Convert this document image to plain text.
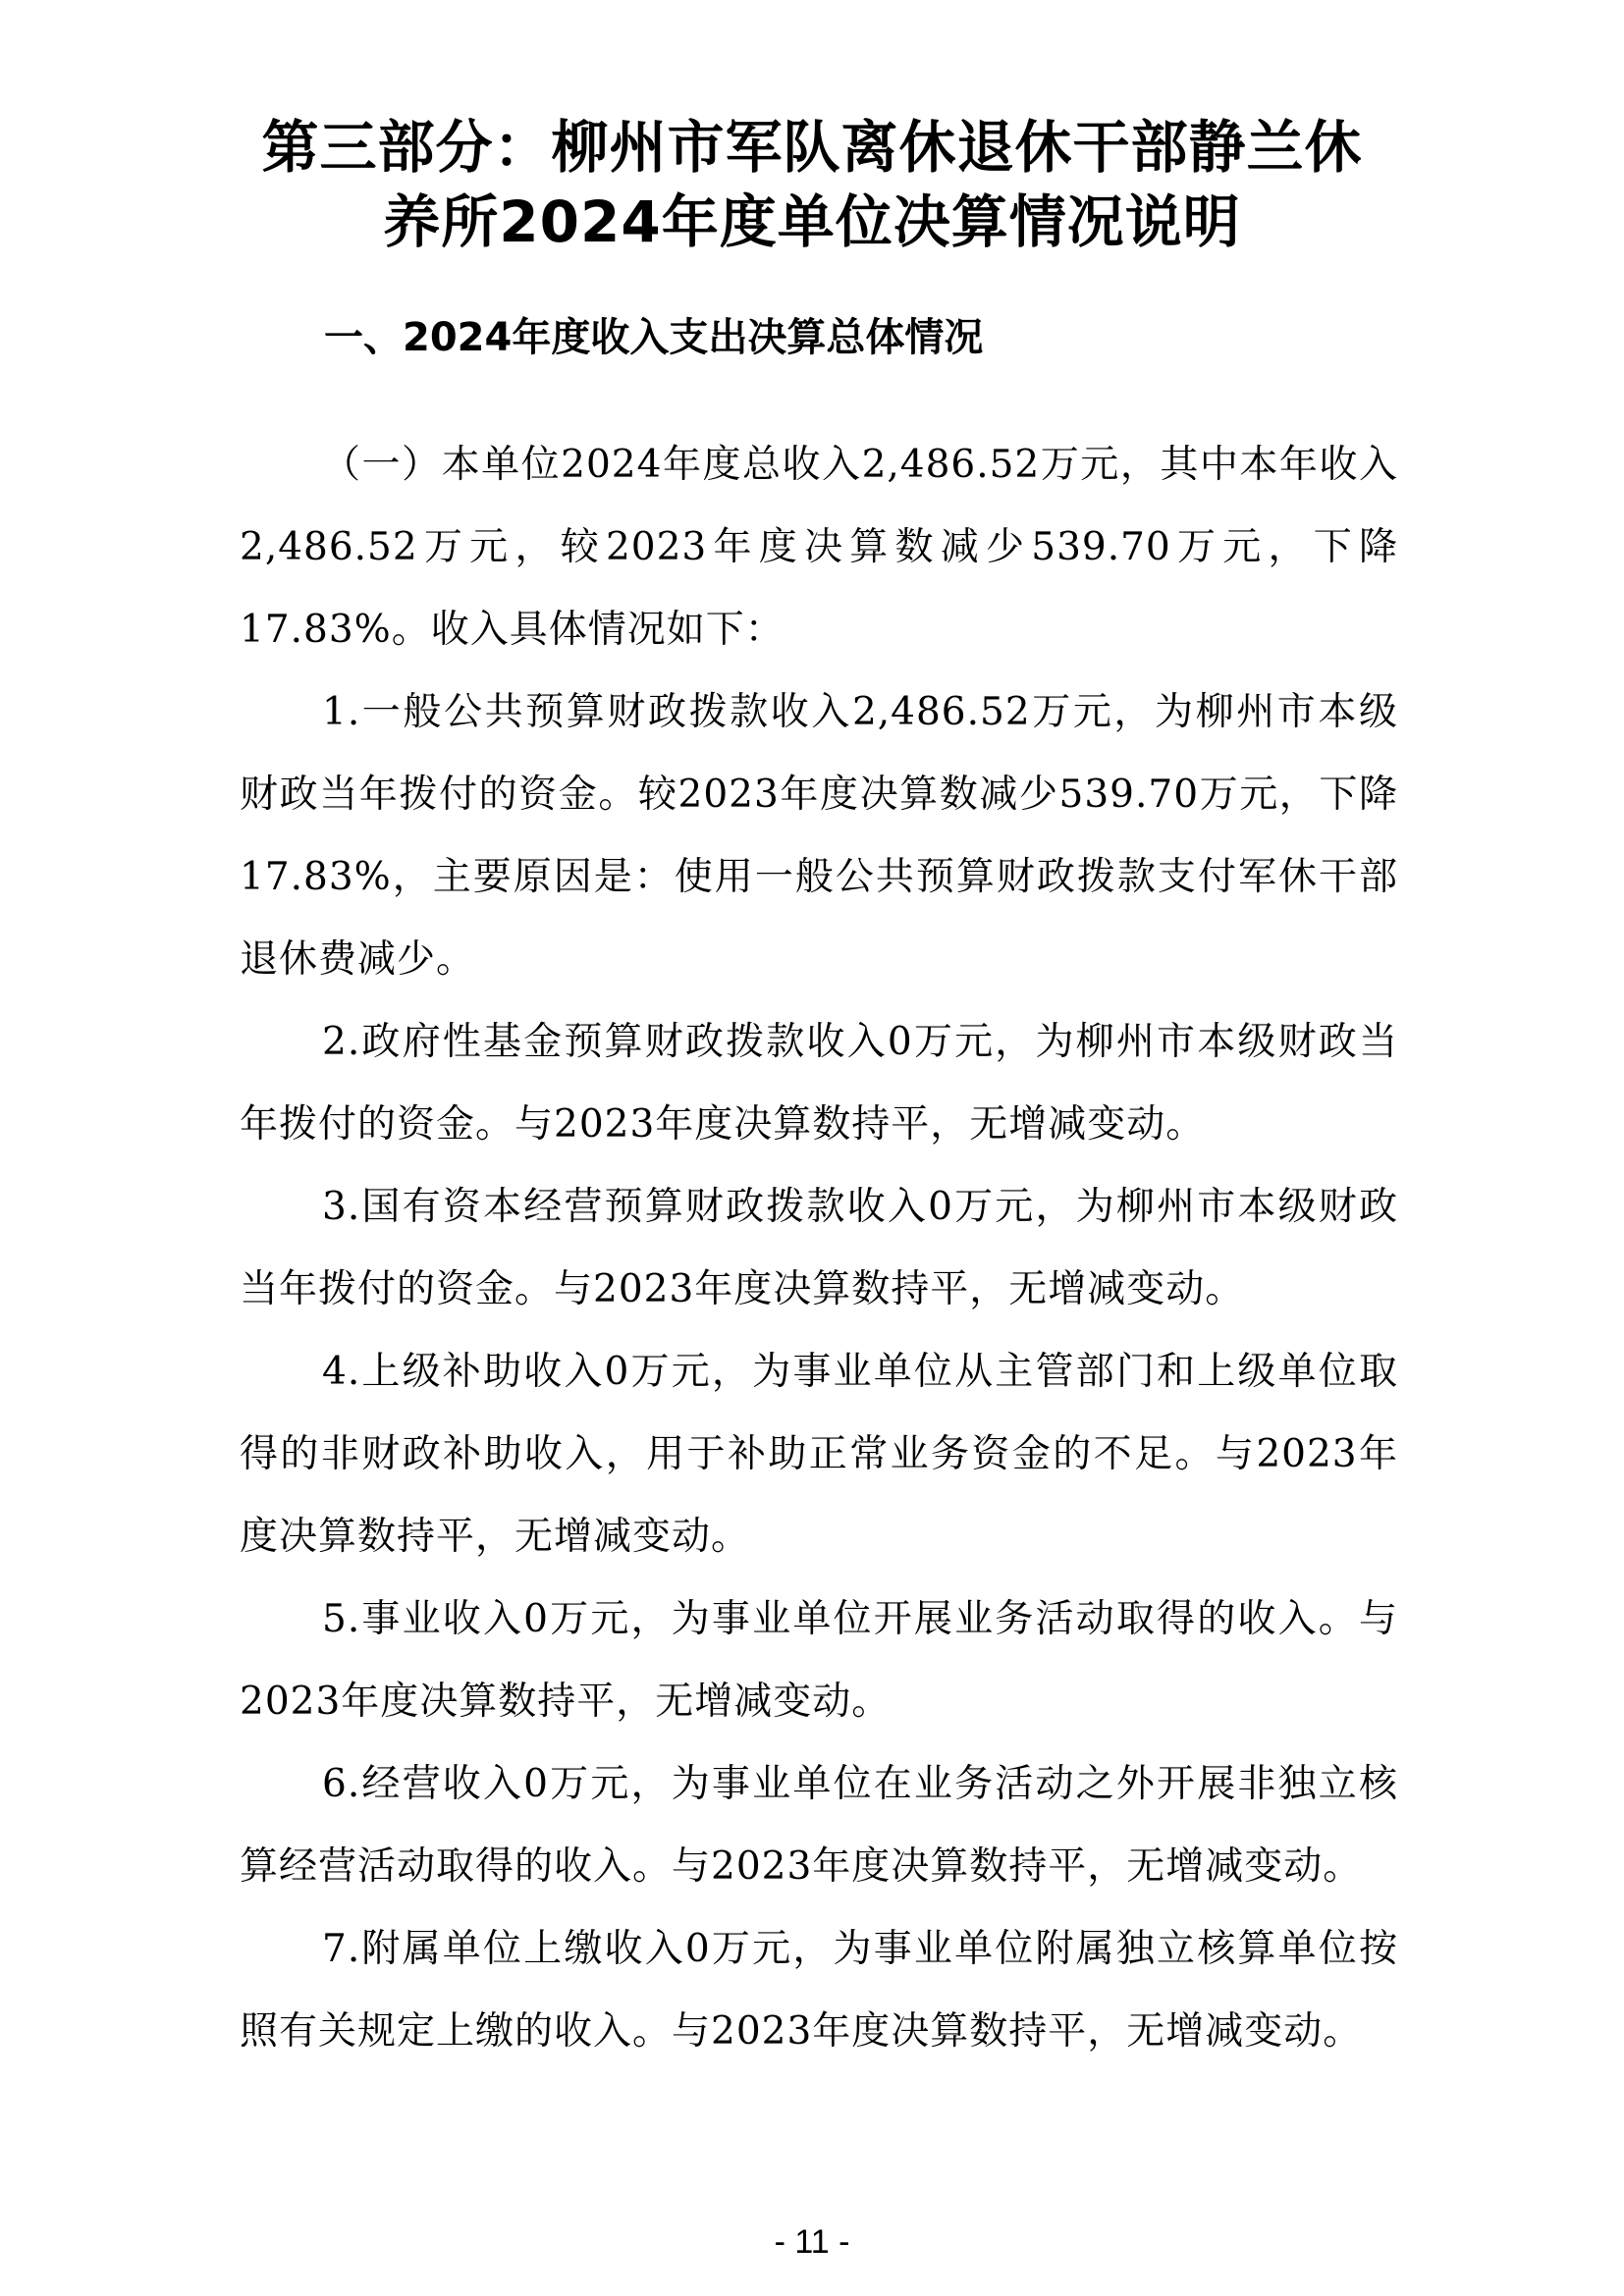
第三部分：柳州市军队离休退休干部静兰休
养所2024年度单位决算情况说明
一、2024年度收入支出决算总体情况

（一）本单位2024年度总收入2,486.52万元，其中本年收入2,486.52万元，较2023年度决算数减少539.70万元，下降17.83%。收入具体情况如下：

1.一般公共预算财政拨款收入2,486.52万元，为柳州市本级财政当年拨付的资金。较2023年度决算数减少539.70万元，下降17.83%，主要原因是：使用一般公共预算财政拨款支付军休干部退休费减少。

2.政府性基金预算财政拨款收入0万元，为柳州市本级财政当年拨付的资金。与2023年度决算数持平，无增减变动。

3.国有资本经营预算财政拨款收入0万元，为柳州市本级财政当年拨付的资金。与2023年度决算数持平，无增减变动。

4.上级补助收入0万元，为事业单位从主管部门和上级单位取得的非财政补助收入，用于补助正常业务资金的不足。与2023年度决算数持平，无增减变动。

5.事业收入0万元，为事业单位开展业务活动取得的收入。与2023年度决算数持平，无增减变动。

6.经营收入0万元，为事业单位在业务活动之外开展非独立核算经营活动取得的收入。与2023年度决算数持平，无增减变动。

7.附属单位上缴收入0万元，为事业单位附属独立核算单位按照有关规定上缴的收入。与2023年度决算数持平，无增减变动。

- 11 -
